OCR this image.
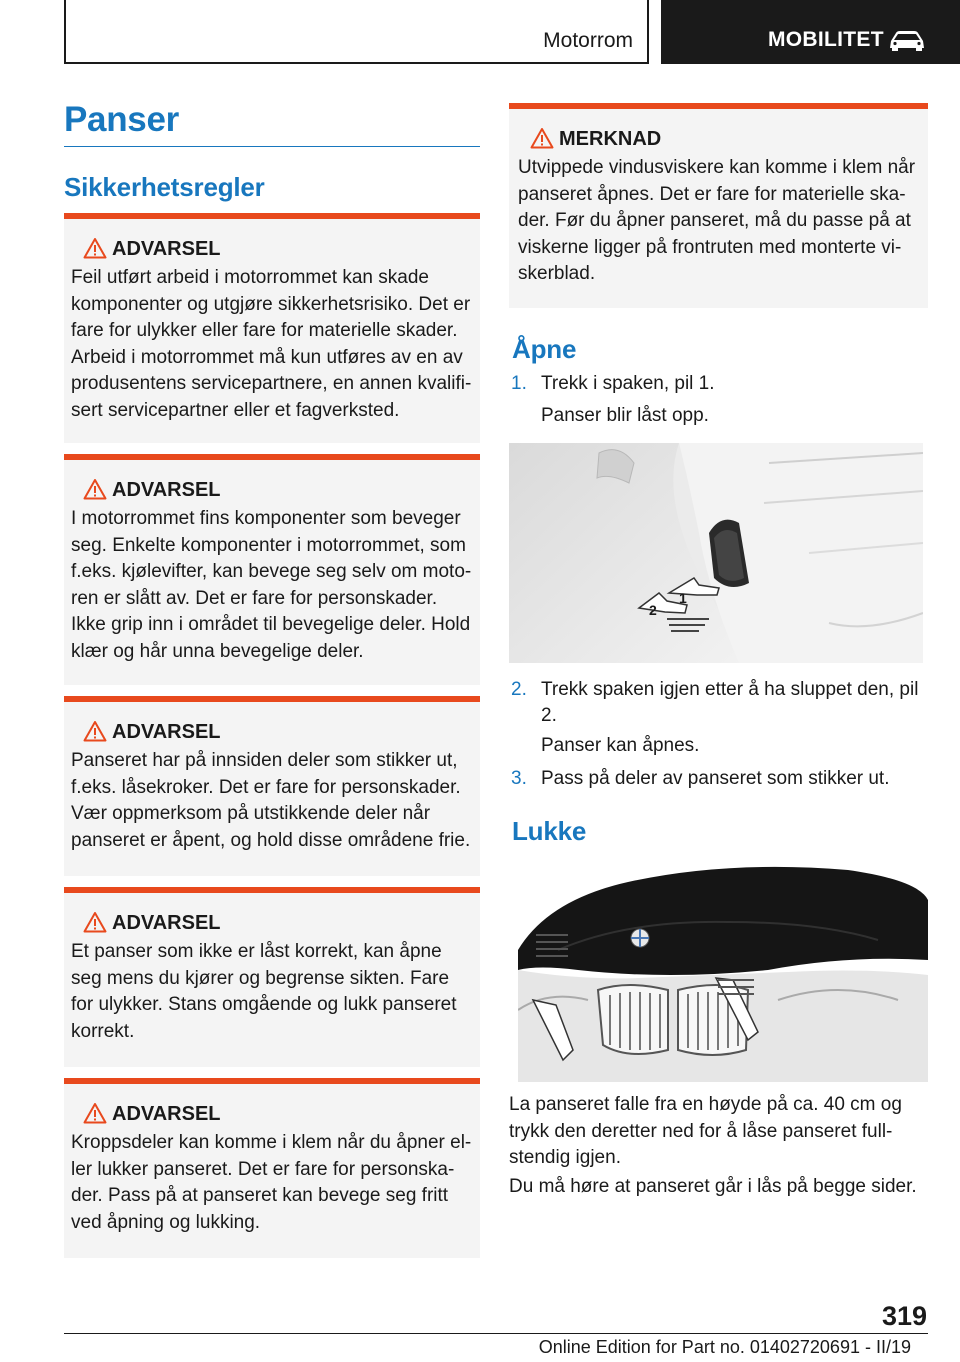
Motorrom	MOBILITET
Panser
Sikkerhetsregler
ADVARSEL

Feil utført arbeid i motorrommet kan skade komponenter og utgjøre sikkerhetsrisiko. Det er fare for ulykker eller fare for materielle skader. Arbeid i motorrommet må kun utføres av en av produsentens servicepartnere, en annen kvalifi-sert servicepartner eller et fagverksted.

ADVARSEL

I motorrommet fins komponenter som beveger seg. Enkelte komponenter i motorrommet, som f.eks. kjølevifter, kan bevege seg selv om moto-ren er slått av. Det er fare for personskader. Ikke grip inn i området til bevegelige deler. Hold klær og hår unna bevegelige deler.

ADVARSEL

Panseret har på innsiden deler som stikker ut, f.eks. låsekroker. Det er fare for personskader. Vær oppmerksom på utstikkende deler når panseret er åpent, og hold disse områdene frie.

ADVARSEL

Et panser som ikke er låst korrekt, kan åpne seg mens du kjører og begrense sikten. Fare for ulykker. Stans omgående og lukk panseret korrekt.

ADVARSEL

Kroppsdeler kan komme i klem når du åpner el-ler lukker panseret. Det er fare for personska-der. Pass på at panseret kan bevege seg fritt ved åpning og lukking.

MERKNAD

Utvippede vindusviskere kan komme i klem når panseret åpnes. Det er fare for materielle ska-der. Før du åpner panseret, må du passe på at viskerne ligger på frontruten med monterte vi-skerblad.

Åpne
1. Trekk i spaken, pil 1.
Panser blir låst opp.
1
2
2. Trekk spaken igjen etter å ha sluppet den, pil 2.
Panser kan åpnes.
3. Pass på deler av panseret som stikker ut.
Lukke

La panseret falle fra en høyde på ca. 40 cm og trykk den deretter ned for å låse panseret full-stendig igjen.

Du må høre at panseret går i lås på begge sider.

319
Online Edition for Part no. 01402720691 - II/19
